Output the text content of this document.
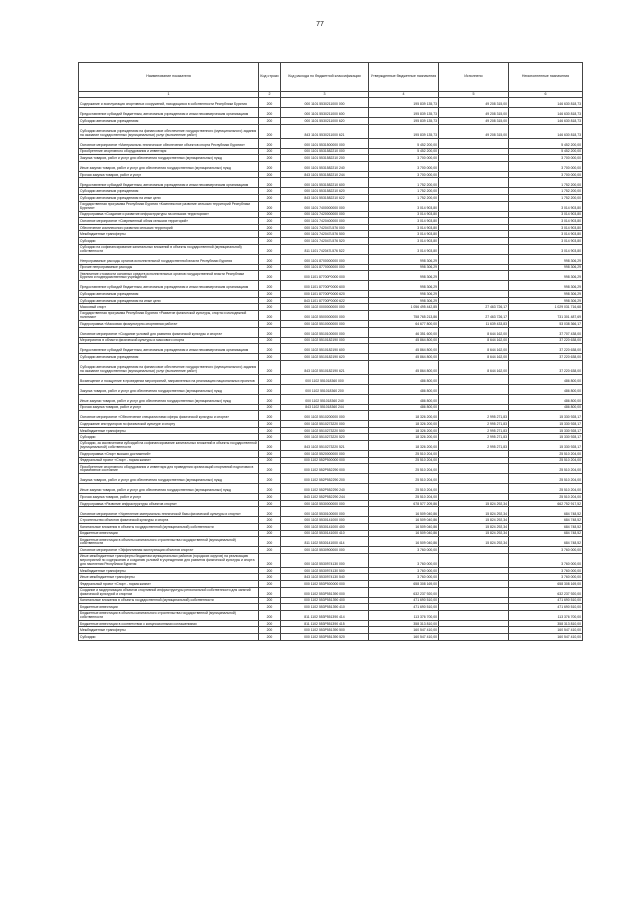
77
Наименование показателя	Код строки	Код расхода по бюджетной классификации	Утвержденные бюджетные назначения	Исполнено	Неисполненные назначения
1	2	3	4	5	6
Содержание и эксплуатация спортивных сооружений, находящихся в собственности Республики Бурятия	200	000 1101 5530211000 000	195 839 135,73	49 208 315,00	146 630 818,73
Предоставление субсидий бюджетным, автономным учреждениям и иным некоммерческим организациям	200	000 1101 5530211000 600	195 839 135,73	49 208 315,00	146 630 818,73
Субсидии автономным учреждениям	200	000 1101 5530211000 620	195 839 135,73	49 208 315,00	146 630 818,73
Субсидии автономным учреждениям на финансовое обеспечение государственного (муниципального) задания на оказание государственных (муниципальных) услуг (выполнение работ)	200	843 1101 5530211000 621	195 839 135,73	49 208 315,00	146 630 818,73
Основное мероприятие «Материально-техническое обеспечение объектов спорта Республики Бурятия»	200	000 1101 5531500000 000	5 452 200,00		5 452 200,00
Приобретение спортивного оборудования и инвентаря	200	000 1101 5531582210 000	5 452 200,00		5 452 200,00
Закупка товаров, работ и услуг для обеспечения государственных (муниципальных) нужд	200	000 1101 5531582210 200	3 700 000,00		3 700 000,00
Иные закупки товаров, работ и услуг для обеспечения государственных (муниципальных) нужд	200	000 1101 5531582210 240	3 700 000,00		3 700 000,00
Прочая закупка товаров, работ и услуг	200	843 1101 5531582210 244	3 700 000,00		3 700 000,00
Предоставление субсидий бюджетным, автономным учреждениям и иным некоммерческим организациям	200	000 1101 5531582210 600	1 752 200,00		1 752 200,00
Субсидии автономным учреждениям	200	000 1101 5531582210 620	1 752 200,00		1 752 200,00
Субсидии автономным учреждениям на иные цели	200	843 1101 5531582210 622	1 752 200,00		1 752 200,00
Государственная программа Республики Бурятия «Комплексное развитие сельских территорий Республики Бурятия»	200	000 1101 7400000000 000	3 014 903,80		3 014 903,80
Подпрограмма «Создание и развитие инфраструктуры на сельских территориях»	200	000 1101 7420000000 000	3 014 903,80		3 014 903,80
Основное мероприятие «Современный облик сельских территорий»	200	000 1101 7420400000 000	3 014 903,80		3 014 903,80
Обеспечение комплексного развития сельских территорий	200	000 1101 742047L576 000	3 014 903,80		3 014 903,80
Межбюджетные трансферты	200	000 1101 742047L576 500	3 014 903,80		3 014 903,80
Субсидии	200	000 1101 742047L576 520	3 014 903,80		3 014 903,80
Субсидии на софинансирование капитальных вложений в объекты государственной (муниципальной) собственности	200	811 1101 742047L576 522	3 014 903,80		3 014 903,80
Непрограммные расходы органов исполнительной государственной власти Республики Бурятия	200	000 1101 8700000000 000	998 306,29		998 306,29
Прочие непрограммные расходы	200	000 1101 8770000000 000	998 306,29		998 306,29
Увеличение стоимости основных средств исполнительных органов государственной власти Республики Бурятия и подведомственных учреждений	200	000 1101 87700P0000 000	998 306,29		998 306,29
Предоставление субсидий бюджетным, автономным учреждениям и иным некоммерческим организациям	200	000 1101 87700P0000 600	998 306,29		998 306,29
Субсидии автономным учреждениям	200	000 1101 87700P0000 620	998 306,29		998 306,29
Субсидии автономным учреждениям на иные цели	200	843 1101 87700P0000 622	998 306,29		998 306,29
Массовый спорт	200	000 1102 0000000000 000	1 056 495 442,85	27 463 726,17	1 029 031 716,68
Государственная программа Республики Бурятия «Развитие физической культуры, спорта и молодежной политики»	200	000 1102 5500000000 000	758 765 213,86	27 463 726,17	731 301 487,69
Подпрограмма «Массовая физкультурно-спортивная работа»	200	000 1102 5510000000 000	64 677 800,00	11 639 433,83	53 038 366,17
Основное мероприятие «Создание условий для развития физической культуры и спорта»	200	000 1102 5510100000 000	46 351 600,00	8 644 162,00	37 707 438,00
Мероприятия в области физической культуры и массового спорта	200	000 1102 5510182190 000	45 864 800,00	8 644 162,00	37 220 638,00
Предоставление субсидий бюджетным, автономным учреждениям и иным некоммерческим организациям	200	000 1102 5510182190 600	45 864 800,00	8 644 162,00	37 220 638,00
Субсидии автономным учреждениям	200	000 1102 5510182190 620	45 864 800,00	8 644 162,00	37 220 638,00
Субсидии автономным учреждениям на финансовое обеспечение государственного (муниципального) задания на оказание государственных (муниципальных) услуг (выполнение работ)	200	843 1102 5510182190 621	45 864 800,00	8 644 162,00	37 220 638,00
Возмещение и поощрение в проведении мероприятий, направленных на реализацию национальных проектов	200	000 1102 551018360 000	486 800,00		486 800,00
Закупка товаров, работ и услуг для обеспечения государственных (муниципальных) нужд	200	000 1102 551018360 200	486 800,00		486 800,00
Иные закупки товаров, работ и услуг для обеспечения государственных (муниципальных) нужд	200	000 1102 551018360 240	486 800,00		486 800,00
Прочая закупка товаров, работ и услуг	200	843 1102 551018360 244	486 800,00		486 800,00
Основное мероприятие «Обеспечение специалистами сферы физической культуры и спорта»	200	000 1102 5510200000 000	18 326 200,00	2 995 271,83	15 330 928,17
Содержание инструкторов по физической культуре и спорту	200	000 1102 5510273220 000	18 326 200,00	2 995 271,83	15 330 928,17
Межбюджетные трансферты	200	000 1102 5510273220 500	18 326 200,00	2 995 271,83	15 330 928,17
Субсидии	200	000 1102 5510273220 520	18 326 200,00	2 995 271,83	15 330 928,17
Субсидии, за исключением субсидий на софинансирование капитальных вложений в объекты государственной (муниципальной) собственности	200	843 1102 5510273220 521	18 326 200,00	2 995 271,83	15 330 928,17
Подпрограмма «Спорт высших достижений»	200	000 1102 5520000000 000	25 510 204,00		25 510 204,00
Федеральный проект «Спорт - норма жизни»	200	000 1102 552P500000 000	25 510 204,00		25 510 204,00
Приобретение спортивного оборудования и инвентаря для приведения организаций спортивной подготовки в нормативное состояние	200	000 1102 552P552290 000	25 510 204,00		25 510 204,00
Закупка товаров, работ и услуг для обеспечения государственных (муниципальных) нужд	200	000 1102 552P552290 200	25 510 204,00		25 510 204,00
Иные закупки товаров, работ и услуг для обеспечения государственных (муниципальных) нужд	200	000 1102 552P552290 240	25 510 204,00		25 510 204,00
Прочая закупка товаров, работ и услуг	200	843 1102 552P552290 244	25 510 204,00		25 510 204,00
Подпрограмма «Развитие инфраструктуры объектов спорта»	200	000 1102 5530000000 000	678 577 209,86	15 824 292,34	662 752 917,52
Основное мероприятие «Укрепление материально-технической базы физической культуры и спорта»	200	000 1102 5530100000 000	16 509 040,86	15 824 292,34	684 748,52
Строительство объектов физической культуры и спорта	200	000 1102 5530141000 000	16 509 040,86	15 824 292,34	684 748,52
Капитальные вложения в объекты государственной (муниципальной) собственности	200	000 1102 5530141000 400	16 509 040,86	15 824 292,34	684 748,52
Бюджетные инвестиции	200	000 1102 5530141000 410	16 509 040,86	15 824 292,34	684 748,52
Бюджетные инвестиции в объекты капитального строительства государственной (муниципальной) собственности	200	811 1102 5530141000 414	16 509 040,86	15 824 292,34	684 748,52
Основное мероприятие «Эффективная эксплуатация объектов спорта»	200	000 1102 5530900000 000	3 760 000,00		3 760 000,00
Иные межбюджетные трансферты бюджетам муниципальных районов (городских округов) на реализацию мероприятий по содержанию и созданию условий в учреждениях для развития физической культуры и спорта для населения Республики Бурятия	200	000 1102 5530974130 000	3 760 000,00		3 760 000,00
Межбюджетные трансферты	200	000 1102 5530974130 500	3 760 000,00		3 760 000,00
Иные межбюджетные трансферты	200	843 1102 5530974130 540	3 760 000,00		3 760 000,00
Федеральный проект «Спорт - норма жизни»	200	000 1102 553P500000 000	658 308 169,00		658 308 169,00
Создание и модернизация объектов спортивной инфраструктуры региональной собственности для занятий физической культурой и спортом	200	000 1102 553P551390 000	632 237 920,00		632 237 920,00
Капитальные вложения в объекты государственной (муниципальной) собственности	200	000 1102 553P551390 400	471 690 510,00		471 690 510,00
Бюджетные инвестиции	200	000 1102 553P551390 410	471 690 510,00		471 690 510,00
Бюджетные инвестиции в объекты капитального строительства государственной (муниципальной) собственности	200	811 1102 553P551390 414	113 376 700,00		113 376 700,00
Бюджетные инвестиции в соответствии с концессионными соглашениями	200	811 1102 553P551390 415	358 313 810,00		358 313 810,00
Межбюджетные трансферты	200	000 1102 553P551390 500	160 547 410,00		160 547 410,00
Субсидии	200	000 1102 553P551390 520	160 547 410,00		160 547 410,00
